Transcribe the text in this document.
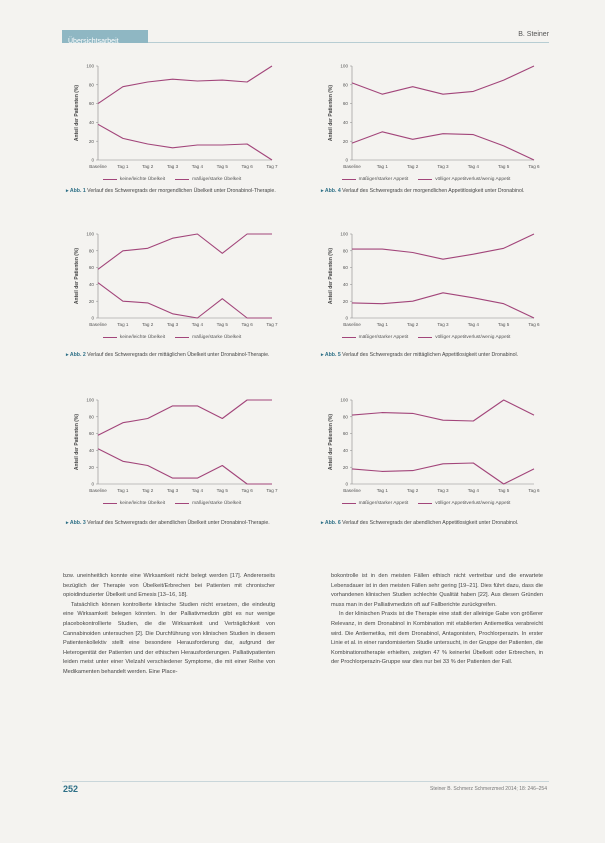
Übersichtsarbeit
B. Steiner
0
20
40
60
80
100
Anteil der Patienten (%)
Baseline Tag 1	Tag 2	Tag 3	Tag 4	Tag 5	Tag 6	Tag 7
keine/leichte Übelkeit	mäßige/starke Übelkeit
▸ Abb. 1 Verlauf des Schweregrads der morgendlichen Übelkeit unter Dronabinol-Therapie.
0
20
40
60
80
100
Anteil der Patienten (%)
Baseline	Tag 1	Tag 2	Tag 3	Tag 4	Tag 5	Tag 6
mäßiger/starker Appetit	völliger Appetitverlust/wenig Appetit
▸ Abb. 4 Verlauf des Schweregrads der morgendlichen Appetitlosigkeit unter Dronabinol.
0
20
40
60
80
100
Anteil der Patienten (%)
Baseline Tag 1	Tag 2	Tag 3	Tag 4	Tag 5	Tag 6	Tag 7
keine/leichte Übelkeit	mäßige/starke Übelkeit
▸ Abb. 2 Verlauf des Schweregrads der mittäglichen Übelkeit unter Dronabinol-Therapie.
0
20
40
60
80
100
Anteil der Patienten (%)
Baseline	Tag 1	Tag 2	Tag 3	Tag 4	Tag 5	Tag 6
mäßiger/starker Appetit	völliger Appetitverlust/wenig Appetit
▸ Abb. 5 Verlauf des Schweregrads der mittäglichen Appetitlosigkeit unter Dronabinol.
0
20
40
60
80
100
Anteil der Patienten (%)
Baseline Tag 1	Tag 2	Tag 3	Tag 4	Tag 5	Tag 6	Tag 7
keine/leichte Übelkeit	mäßige/starke Übelkeit
▸ Abb. 3 Verlauf des Schweregrads der abendlichen Übelkeit unter Dronabinol-Therapie.
0
20
40
60
80
100
Anteil der Patienten (%)
Baseline	Tag 1	Tag 2	Tag 3	Tag 4	Tag 5	Tag 6
mäßiger/starker Appetit	völliger Appetitverlust/wenig Appetit
▸ Abb. 6 Verlauf des Schweregrads der abendlichen Appetitlosigkeit unter Dronabinol.

bzw. uneinheitlich konnte eine Wirksamkeit nicht belegt werden [17]. Andererseits bezüglich der Therapie von Übelkeit/Erbrechen bei Patienten mit chronischer opioidinduzierter Übelkeit und Emesis [13–16, 18].

Tatsächlich können kontrollierte klinische Studien nicht ersetzen, die eindeutig eine Wirksamkeit belegen könnten. In der Palliativmedizin gibt es nur wenige placebokontrollierte Studien, die die Wirksamkeit und Verträglichkeit von Cannabinoiden untersuchen [2]. Die Durchführung von klinischen Studien in diesem Patientenkollektiv stellt eine besondere Herausforderung dar, aufgrund der Heterogenität der Patienten und der ethischen Herausforderungen. Palliativpatienten leiden meist unter einer Vielzahl verschiedener Symptome, die mit einer Reihe von Medikamenten behandelt werden. Eine Place-

bokontrolle ist in den meisten Fällen ethisch nicht vertretbar und die erwartete Lebensdauer ist in den meisten Fällen sehr gering [19–21]. Dies führt dazu, dass die vorhandenen klinischen Studien schlechte Qualität haben [22]. Aus diesen Gründen muss man in der Palliativmedizin oft auf Fallberichte zurückgreifen.

In der klinischen Praxis ist die Therapie eine statt der alleinige Gabe von größerer Relevanz, in dem Dronabinol in Kombination mit etablierten Antiemetika verabreicht wird. Die Antiemetika, mit dem Dronabinol, Antagonisten, Prochlorperazin. In erster Linie et al. in einer randomisierten Studie untersucht, in der Gruppe der Patienten, die Kombinationstherapie erhielten, zeigten 47 % keinerlei Übelkeit oder Erbrechen, in der Prochlorperazin-Gruppe war dies nur bei 33 % der Patienten der Fall.

252	Steiner B. Schmerz Schmerzmed 2014; 18: 246–254
